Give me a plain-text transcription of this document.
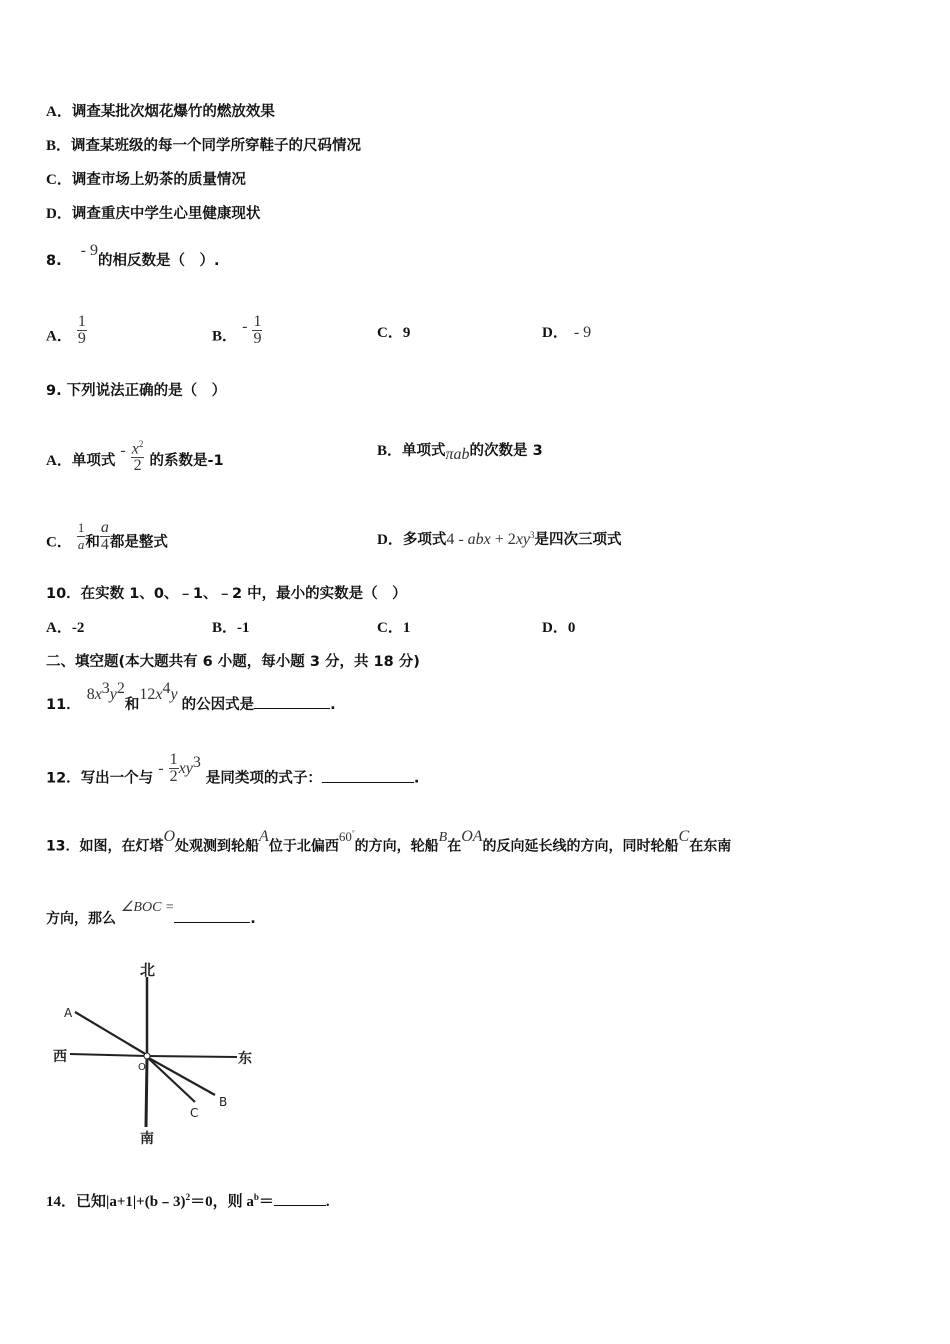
A．调查某批次烟花爆竹的燃放效果
B．调查某班级的每一个同学所穿鞋子的尺码情况
C．调查市场上奶茶的质量情况
D．调查重庆中学生心里健康现状
8. - 9的相反数是（　）.
A． $\frac{1}{9}$	B． - $\frac{1}{9}$	C．9	D． - 9
9. 下列说法正确的是（　）
A．单项式 - $\frac{x^2}{2}$ 的系数是-1
B．单项式πab的次数是 3
C． $\frac{1}{a}$ 和 $\frac{a}{4}$ 都是整式	D．多项式4 - abx + $2xy^3$是四次三项式
10．在实数 1、0、﹣1、﹣2 中，最小的实数是（　）
A．-2	B．-1	C．1	D．0
二、填空题(本大题共有 6 小题，每小题 3 分，共 18 分)
11．$8x^3y^2$和$12x^4y$的公因式是	.
12．写出一个与 - $\frac{1}{2} xy^3$ 是同类项的式子：	.
13．如图，在灯塔O处观测到轮船A位于北偏西60°的方向，轮船B在OA的反向延长线的方向，同时轮船C在东南
方向，那么 ∠BOC =.
北
南
西	东
A
B
C
O
14．已知|a+1|+(b﹣3)$^2$＝0，则 $a^b=$	.
